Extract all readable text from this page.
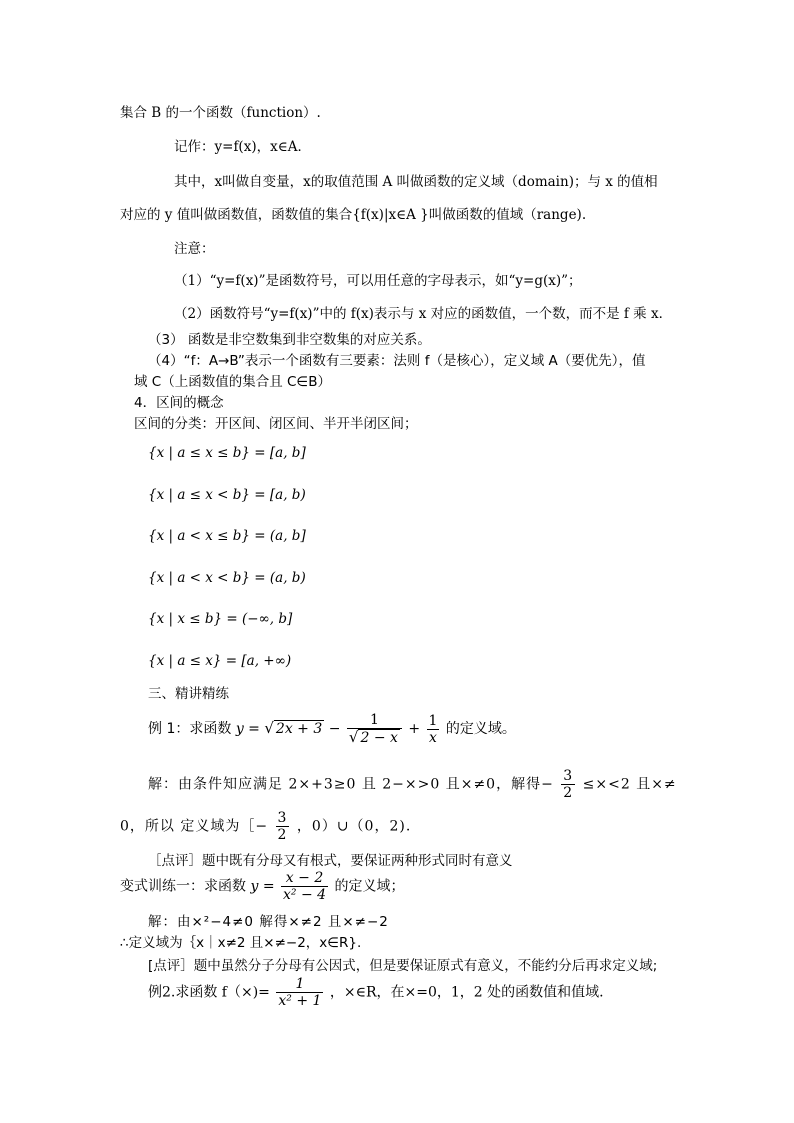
集合 B 的一个函数（function）.
记作：y=f(x)，x∈A．
其中，x叫做自变量，x的取值范围 A 叫做函数的定义域（domain)；与 x 的值相
对应的 y 值叫做函数值，函数值的集合{f(x)|x∈A }叫做函数的值域（range).
注意：
（1）“y=f(x)”是函数符号，可以用任意的字母表示，如“y=g(x)”；
（2）函数符号“y=f(x)”中的 f(x)表示与 x 对应的函数值，一个数，而不是 f 乘 x．
（3） 函数是非空数集到非空数集的对应关系。
（4）“f：A→B”表示一个函数有三要素：法则 f（是核心），定义域 A（要优先），值
域 C（上函数值的集合且 C∈B）
4．区间的概念
区间的分类：开区间、闭区间、半开半闭区间；
{x | a ≤ x ≤ b} = [a, b]
{x | a ≤ x < b} = [a, b)
{x | a < x ≤ b} = (a, b]
{x | a < x < b} = (a, b)
{x | x ≤ b} = (−∞, b]
{x | a ≤ x} = [a, +∞)
三、精讲精练
例 1：求函数 y = √ $2x + 3 - \frac{1}{√ 2 - x} + \frac{1}{x}$ 的定义域。
解：由条件知应满足 2×+3≥0 且 2−×>0 且×≠0，解得− $\frac{3}{2} \le\times<2$ 且×≠
0，所以 定义域为［− $\frac{3}{2}$ ，0）∪（0，2).
［点评］题中既有分母又有根式，要保证两种形式同时有意义
变式训练一：求函数 $y = \frac{x - 2}{\text{x² − 4}}$ 的定义域；
解：由×²−4≠0 解得×≠2 且×≠−2
∴定义域为｛x｜x≠2 且×≠−2，x∈R}.
[点评］题中虽然分子分母有公因式，但是要保证原式有意义，不能约分后再求定义域;
例2.求函数 $f(\times)= \frac{1}{\text{x² + 1}}$ ，×∈R，在×=0，1，2 处的函数值和值域.
